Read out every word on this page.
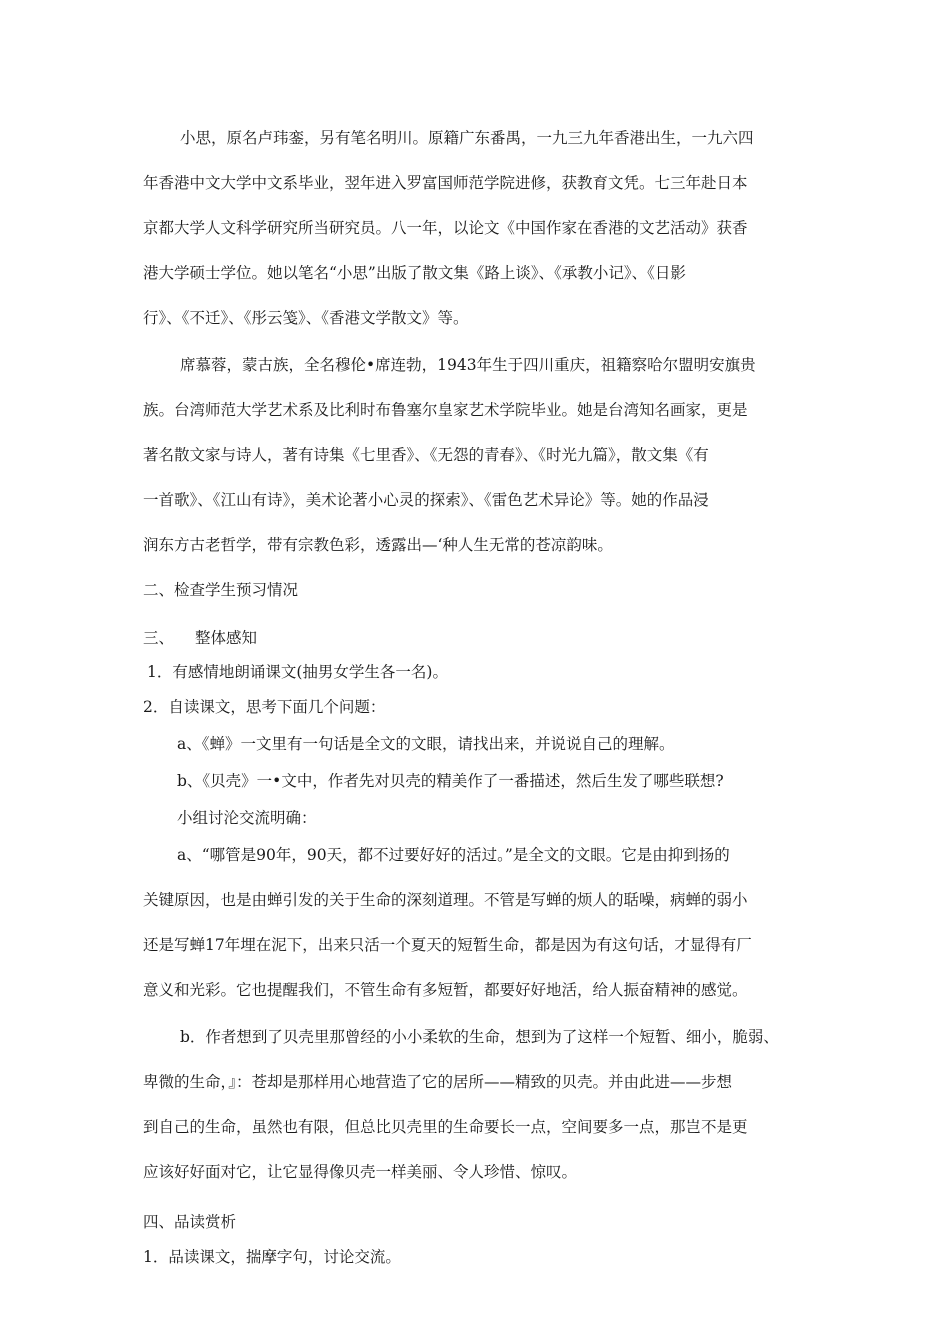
小思，原名卢玮銮，另有笔名明川。原籍广东番禺，一九三九年香港出生，一九六四
年香港中文大学中文系毕业，翌年进入罗富国师范学院进修，获教育文凭。七三年赴日本
京都大学人文科学研究所当研究员。八一年，以论文《中国作家在香港的文艺活动》获香
港大学硕士学位。她以笔名“小思”出版了散文集《路上谈》、《承教小记》、《日影
行》、《不迁》、《彤云笺》、《香港文学散文》等。
席慕蓉，蒙古族，全名穆伦•席连勃，1943年生于四川重庆，祖籍察哈尔盟明安旗贵
族。台湾师范大学艺术系及比利时布鲁塞尔皇家艺术学院毕业。她是台湾知名画家，更是
著名散文家与诗人，著有诗集《七里香》、《无怨的青春》、《时光九篇》，散文集《有
一首歌》、《江山有诗》，美术论著小心灵的探索》、《雷色艺术异论》等。她的作品浸
润东方古老哲学，带有宗教色彩，透露出—‘种人生无常的苍凉韵味。
二、检查学生预习情况
三、 整体感知
1．有感情地朗诵课文(抽男女学生各一名)。
2．自读课文，思考下面几个问题：
a、《蝉》一文里有一句话是全文的文眼，请找出来，并说说自己的理解。
b、《贝壳》一•文中，作者先对贝壳的精美作了一番描述，然后生发了哪些联想?
小组讨沦交流明确：
a、“哪管是90年，90天，都不过要好好的活过。”是全文的文眼。它是由抑到扬的
关键原因，也是由蝉引发的关于生命的深刻道理。不管是写蝉的烦人的聒噪，病蝉的弱小
还是写蝉17年埋在泥下，出来只活一个夏天的短暂生命，都是因为有这句话，才显得有厂
意义和光彩。它也提醒我们，不管生命有多短暂，都要好好地活，给人振奋精神的感觉。
b．作者想到了贝壳里那曾经的小小柔软的生命，想到为了这样一个短暂、细小，脆弱、
卑微的生命，』：苍却是那样用心地营造了它的居所——精致的贝壳。并由此进——步想
到自己的生命，虽然也有限，但总比贝壳里的生命要长一点，空间要多一点，那岂不是更
应该好好面对它，让它显得像贝壳一样美丽、令人珍惜、惊叹。
四、品读赏析
1．品读课文，揣摩字句，讨论交流。
